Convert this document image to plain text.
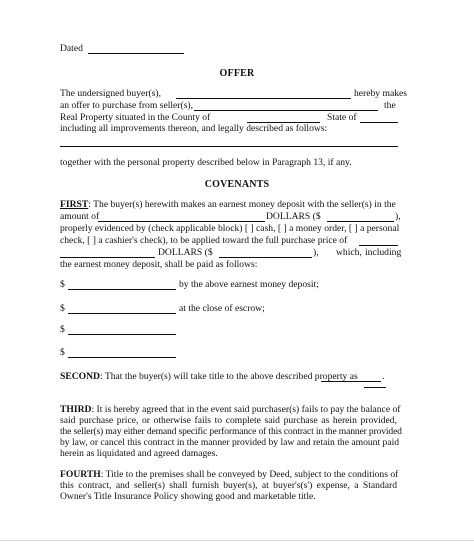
Dated
OFFER
The undersigned buyer(s),	hereby makes
an offer to purchase from seller(s),	the
Real Property situated in the County of	State of
including all improvements thereon, and legally described as follows:
together with the personal property described below in Paragraph 13, if any.
COVENANTS
FIRST: The buyer(s) herewith makes an earnest money deposit with the seller(s) in the
amount of	DOLLARS ($	),
properly evidenced by (check applicable block) [ ] cash, [ ] a money order, [ ] a personal
check, [ ] a cashier's check), to be applied toward the full purchase price of
DOLLARS ($	), which, including
the earnest money deposit, shall be paid as follows:
$	by the above earnest money deposit;
$	at the close of escrow;
$
$
SECOND: That the buyer(s) will take title to the above described property as	.
THIRD: It is hereby agreed that in the event said purchaser(s) fails to pay the balance of
said purchase price, or otherwise fails to complete said purchase as herein provided,
the seller(s) may either demand specific performance of this contract in the manner provided
by law, or cancel this contract in the manner provided by law and retain the amount paid
herein as liquidated and agreed damages.
FOURTH: Title to the premises shall be conveyed by Deed, subject to the conditions of
this contract, and seller(s) shall furnish buyer(s), at buyer's(s') expense, a Standard
Owner's Title Insurance Policy showing good and marketable title.
